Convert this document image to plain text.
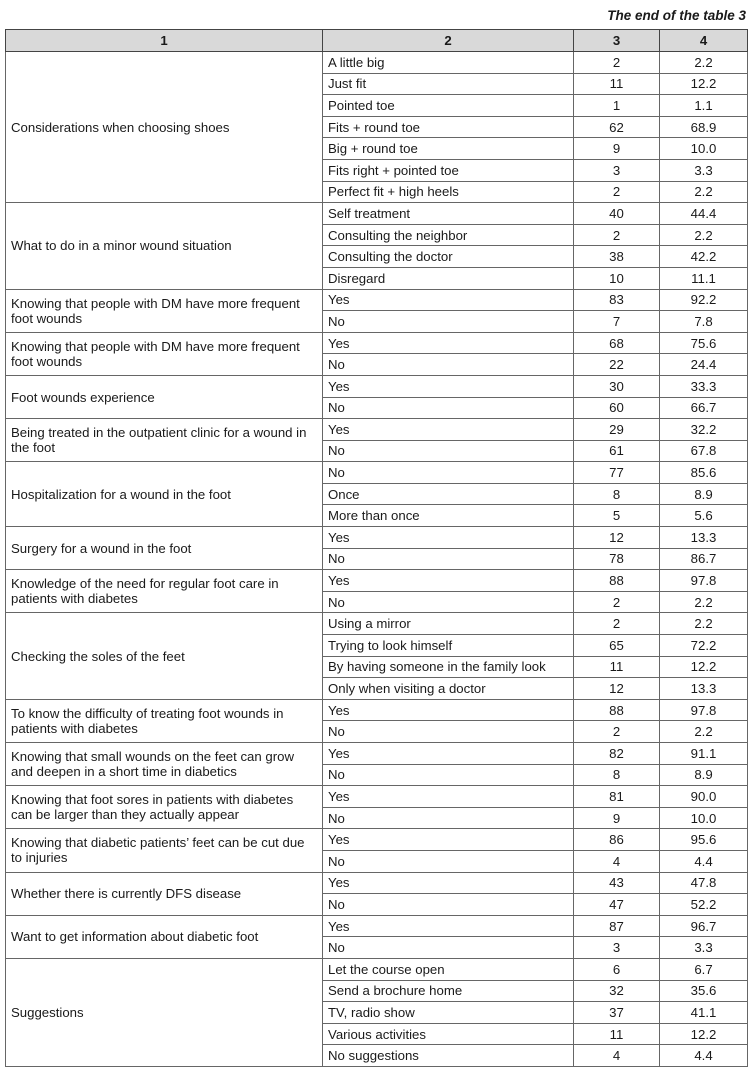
The end of the table 3
1	2	3	4
Considerations when choosing shoes	A little big	2	2.2
	Just fit	11	12.2
	Pointed toe	1	1.1
	Fits + round toe	62	68.9
	Big + round toe	9	10.0
	Fits right + pointed toe	3	3.3
	Perfect fit + high heels	2	2.2
What to do in a minor wound situation	Self treatment	40	44.4
	Consulting the neighbor	2	2.2
	Consulting the doctor	38	42.2
	Disregard	10	11.1
Knowing that people with DM have more frequent foot wounds	Yes	83	92.2
	No	7	7.8
Knowing that people with DM have more frequent foot wounds	Yes	68	75.6
	No	22	24.4
Foot wounds experience	Yes	30	33.3
	No	60	66.7
Being treated in the outpatient clinic for a wound in the foot	Yes	29	32.2
	No	61	67.8
Hospitalization for a wound in the foot	No	77	85.6
	Once	8	8.9
	More than once	5	5.6
Surgery for a wound in the foot	Yes	12	13.3
	No	78	86.7
Knowledge of the need for regular foot care in patients with diabetes	Yes	88	97.8
	No	2	2.2
Checking the soles of the feet	Using a mirror	2	2.2
	Trying to look himself	65	72.2
	By having someone in the family look	11	12.2
	Only when visiting a doctor	12	13.3
To know the difficulty of treating foot wounds in patients with diabetes	Yes	88	97.8
	No	2	2.2
Knowing that small wounds on the feet can grow and deepen in a short time in diabetics	Yes	82	91.1
	No	8	8.9
Knowing that foot sores in patients with diabetes can be larger than they actually appear	Yes	81	90.0
	No	9	10.0
Knowing that diabetic patients’ feet can be cut due to injuries	Yes	86	95.6
	No	4	4.4
Whether there is currently DFS disease	Yes	43	47.8
	No	47	52.2
Want to get information about diabetic foot	Yes	87	96.7
	No	3	3.3
Suggestions	Let the course open	6	6.7
	Send a brochure home	32	35.6
	TV, radio show	37	41.1
	Various activities	11	12.2
	No suggestions	4	4.4
